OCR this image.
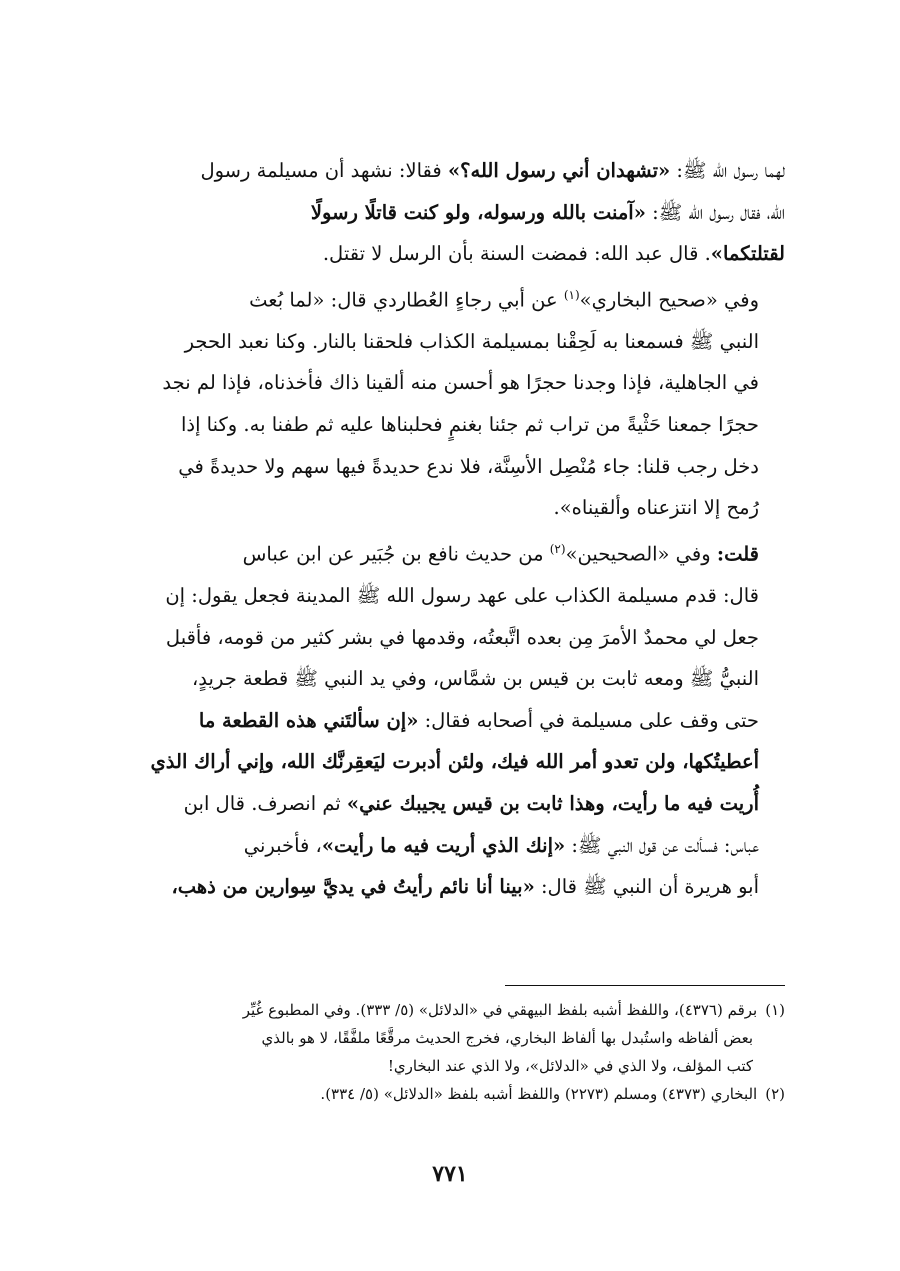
لهما رسول الله ﷺ: «تشهدان أني رسول الله؟» فقالا: نشهد أن مسيلمة رسول
الله، فقال رسول الله ﷺ: «آمنت بالله ورسوله، ولو كنت قاتلًا رسولًا
لقتلتكما». قال عبد الله: فمضت السنة بأن الرسل لا تقتل.

وفي «صحيح البخاري»$^{(١)}$ عن أبي رجاءٍ العُطاردي قال: «لما بُعث
النبي ﷺ فسمعنا به لَحِقْنا بمسيلمة الكذاب فلحقنا بالنار. وكنا نعبد الحجر
في الجاهلية، فإذا وجدنا حجرًا هو أحسن منه ألقينا ذاك فأخذناه، فإذا لم نجد
حجرًا جمعنا حَثْيةً من تراب ثم جئنا بغنمٍ فحلبناها عليه ثم طفنا به. وكنا إذا
دخل رجب قلنا: جاء مُنْصِل الأسِنَّة، فلا ندع حديدةً فيها سهم ولا حديدةً في
رُمح إلا انتزعناه وألقيناه».

قلت: وفي «الصحيحين»$^{(٢)}$ من حديث نافع بن جُبَير عن ابن عباس
قال: قدم مسيلمة الكذاب على عهد رسول الله ﷺ المدينة فجعل يقول: إن
جعل لي محمدٌ الأمرَ مِن بعده اتَّبعتُه، وقدمها في بشر كثير من قومه، فأقبل
النبيُّ ﷺ ومعه ثابت بن قيس بن شمَّاس، وفي يد النبي ﷺ قطعة جريدٍ،
حتى وقف على مسيلمة في أصحابه فقال: «إن سألتَني هذه القطعة ما
أعطيتُكها، ولن تعدو أمر الله فيك، ولئن أدبرت ليَعقِرنَّك الله، وإني أراك الذي
أُريت فيه ما رأيت، وهذا ثابت بن قيس يجيبك عني» ثم انصرف. قال ابن
عباس: فسألت عن قول النبي ﷺ: «إنك الذي أريت فيه ما رأيت»، فأخبرني
أبو هريرة أن النبي ﷺ قال: «بينا أنا نائم رأيتُ في يديَّ سِوارين من ذهب،

(١)برقم (٤٣٧٦)، واللفظ أشبه بلفظ البيهقي في «الدلائل» (٥/ ٣٣٣). وفي المطبوع غُيِّر
بعض ألفاظه واستُبدل بها ألفاظ البخاري، فخرج الحديث مرقَّعًا ملفَّقًا، لا هو بالذي
كتب المؤلف، ولا الذي في «الدلائل»، ولا الذي عند البخاري!

(٢)البخاري (٤٣٧٣) ومسلم (٢٢٧٣) واللفظ أشبه بلفظ «الدلائل» (٥/ ٣٣٤).

٧٧١
